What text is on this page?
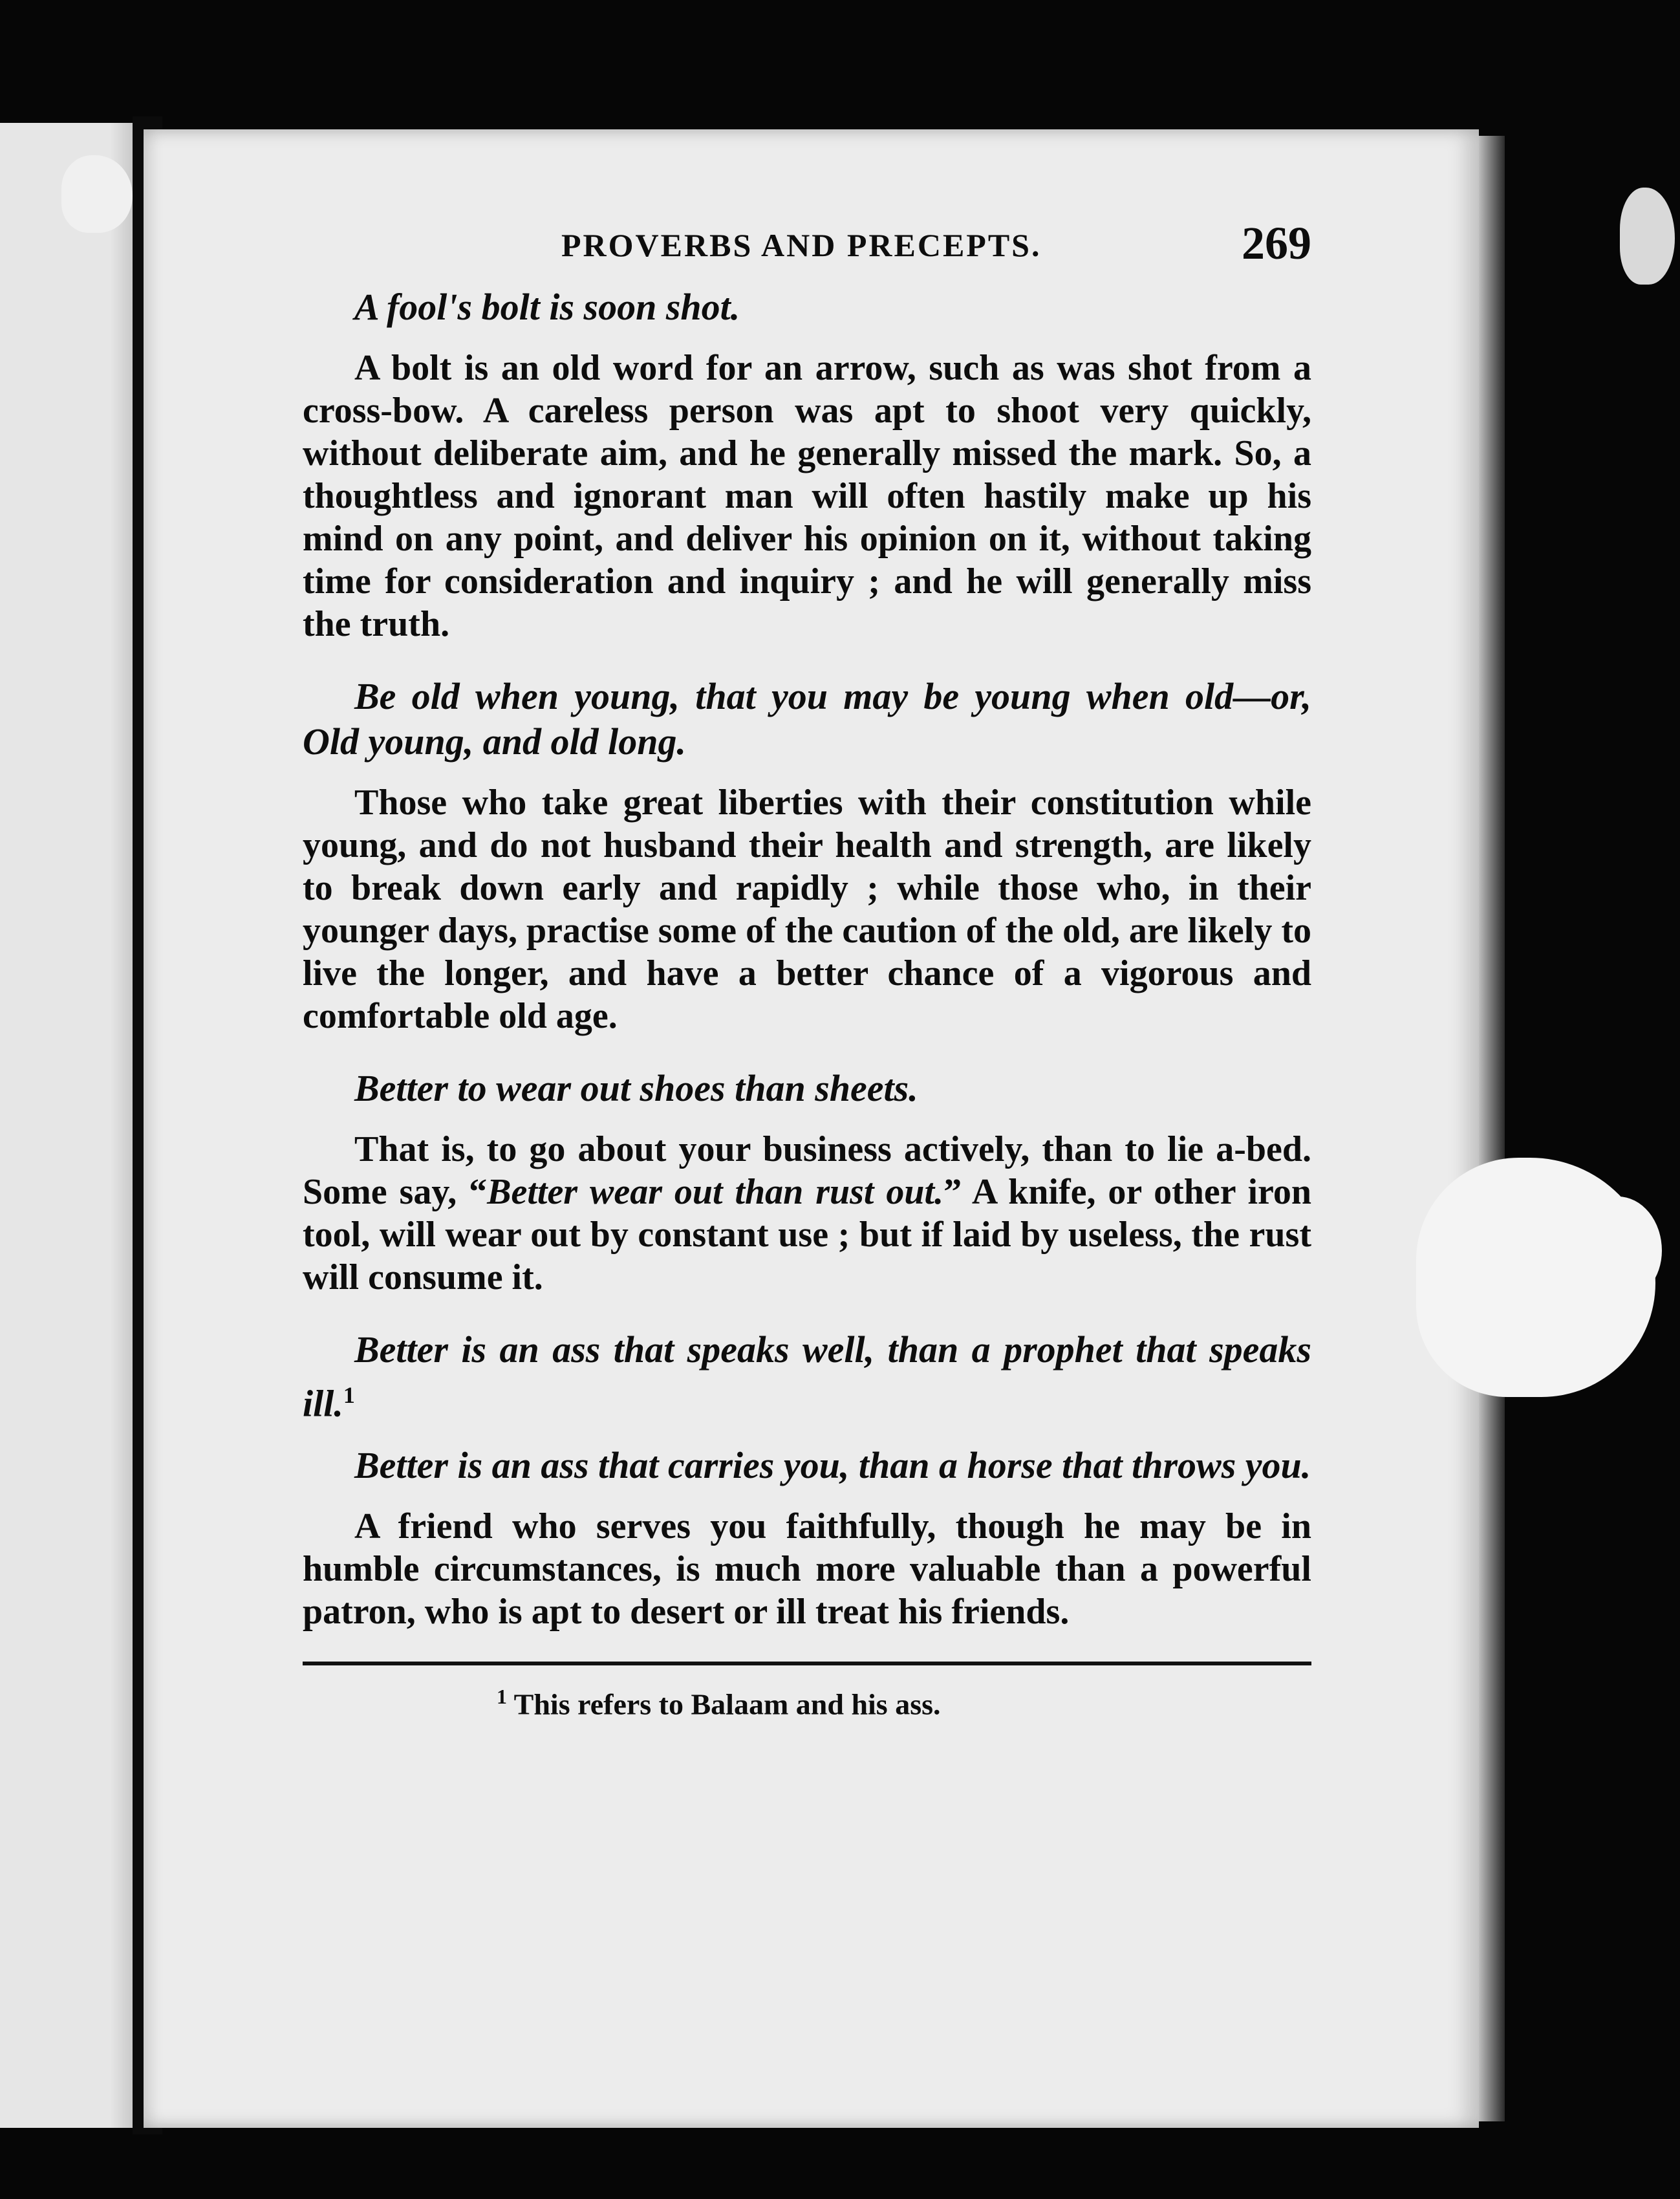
PROVERBS AND PRECEPTS.	269

A fool's bolt is soon shot.

A bolt is an old word for an arrow, such as was shot from a cross-bow. A careless person was apt to shoot very quickly, without deliberate aim, and he generally missed the mark. So, a thoughtless and ignorant man will often hastily make up his mind on any point, and deliver his opinion on it, without taking time for consideration and inquiry ; and he will generally miss the truth.

Be old when young, that you may be young when old—or, Old young, and old long.

Those who take great liberties with their constitution while young, and do not husband their health and strength, are likely to break down early and rapidly ; while those who, in their younger days, practise some of the caution of the old, are likely to live the longer, and have a better chance of a vigorous and comfortable old age.

Better to wear out shoes than sheets.

That is, to go about your business actively, than to lie a-bed. Some say, “Better wear out than rust out.” A knife, or other iron tool, will wear out by constant use ; but if laid by useless, the rust will consume it.

Better is an ass that speaks well, than a prophet that speaks ill.$^1$

Better is an ass that carries you, than a horse that throws you.

A friend who serves you faithfully, though he may be in humble circumstances, is much more valuable than a powerful patron, who is apt to desert or ill treat his friends.

$^1$ This refers to Balaam and his ass.
